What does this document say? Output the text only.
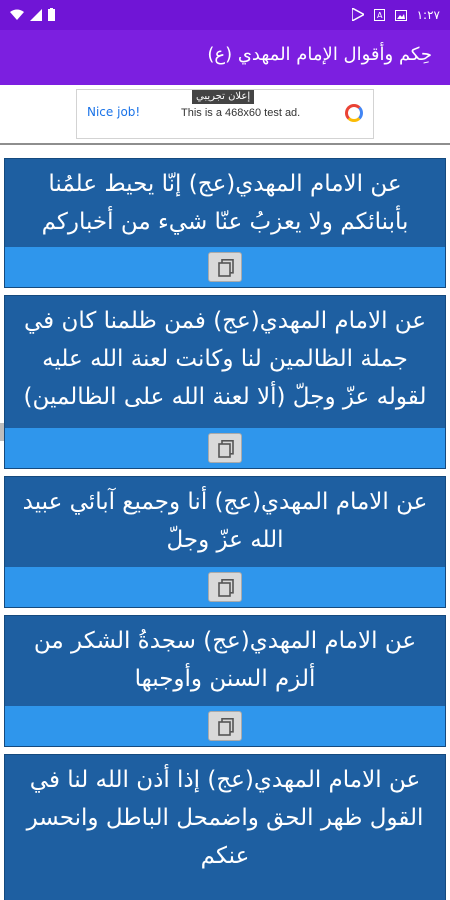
A	١:٢٧
حِكم وأقوال الإمام المهدي (ع)
Nice job!	This is a 468x60 test ad.
إعلان تجريبي
عن الامام المهدي(عج) إنّا يحيط علمُنا بأبنائكم ولا يعزبُ عنّا شيء من أخباركم
عن الامام المهدي(عج) فمن ظلمنا كان في جملة الظالمين لنا وكانت لعنة الله عليه لقوله عزّ وجلّ (ألا لعنة الله على الظالمين)
عن الامام المهدي(عج) أنا وجميع آبائي عبيد الله عزّ وجلّ
عن الامام المهدي(عج) سجدةُ الشكر من ألزم السنن وأوجبها
عن الامام المهدي(عج) إذا أذن الله لنا في القول ظهر الحق واضمحل الباطل وانحسر عنكم
